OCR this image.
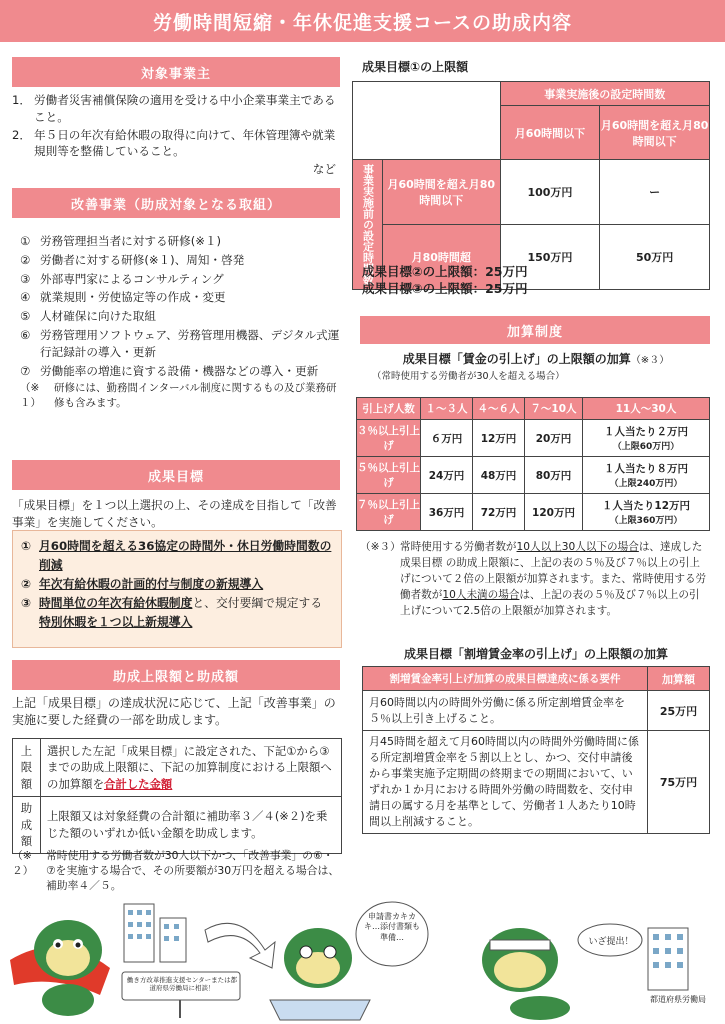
労働時間短縮・年休促進支援コースの助成内容
対象事業主
1． 労働者災害補償保険の適用を受ける中小企業事業主であること。
2． 年５日の年次有給休暇の取得に向けて、年休管理簿や就業規則等を整備していること。
など
改善事業（助成対象となる取組）
① 労務管理担当者に対する研修(※１)
② 労働者に対する研修(※１)、周知・啓発
③ 外部専門家によるコンサルティング
④ 就業規則・労使協定等の作成・変更
⑤ 人材確保に向けた取組
⑥ 労務管理用ソフトウェア、労務管理用機器、デジタル式運行記録計の導入・更新
⑦ 労働能率の増進に資する設備・機器などの導入・更新
（※１）
研修には、勤務間インターバル制度に関するもの及び業務研修も含みます。
成果目標
「成果目標」を１つ以上選択の上、その達成を目指して「改善事業」を実施してください。
① 月60時間を超える36協定の時間外・休日労働時間数の削減
② 年次有給休暇の計画的付与制度の新規導入
③ 時間単位の年次有給休暇制度と、交付要綱で規定する特別休暇を１つ以上新規導入
助成上限額と助成額
上記「成果目標」の達成状況に応じて、上記「改善事業」の実施に要した経費の一部を助成します。
上限額	選択した左記「成果目標」に設定された、下記①から③までの助成上限額に、下記の加算制度における上限額への加算額を合計した金額
助成額	上限額又は対象経費の合計額に補助率３／４(※２)を乗じた額のいずれか低い金額を助成します。
（※２）
常時使用する労働者数が30人以下かつ、「改善事業」の⑥・⑦を実施する場合で、その所要額が30万円を超える場合は、補助率４／５。
成果目標①の上限額
		事業実施後の設定時間数	
		月60時間以下	月60時間を超え月80時間以下
事業実施前の設定時間数	月60時間を超え月80時間以下	100万円	ー
	月80時間超	150万円	50万円
成果目標②の上限額：25万円
成果目標③の上限額：25万円
加算制度
成果目標「賃金の引上げ」の上限額の加算（※３）
（常時使用する労働者が30人を超える場合）
引上げ人数	１～３人	４～６人	７～10人	11人～30人
３％以上引上げ	６万円	12万円	20万円	１人当たり２万円
（上限60万円）

５％以上引上げ	24万円	48万円	80万円	１人当たり８万円
（上限240万円）

７％以上引上げ	36万円	72万円	120万円	１人当たり12万円
（上限360万円）
（※３） 常時使用する労働者数が10人以上30人以下の場合は、達成した成果目標 の助成上限額に、上記の表の５％及び７％以上の引上げについて２倍の上限額が加算されます。また、常時使用する労働者数が10人未満の場合は、上記の表の５％及び７％以上の引上げについて2.5倍の上限額が加算されます。
成果目標「割増賃金率の引上げ」の上限額の加算
割増賃金率引上げ加算の成果目標達成に係る要件	加算額
月60時間以内の時間外労働に係る所定割増賃金率を５％以上引き上げること。	25万円
月45時間を超えて月60時間以内の時間外労働時間に係る所定割増賃金率を５割以上とし、かつ、交付申請後から事業実施予定期間の終期までの期間において、いずれか１か月における時間外労働の時間数を、交付申請日の属する月を基準として、労働者１人あたり10時間以上削減すること。	75万円
働き方改革推進支援センターまたは都道府県労働局に相談！
申請書カキカキ…添付書類も準備…	いざ提出！
都道府県労働局
